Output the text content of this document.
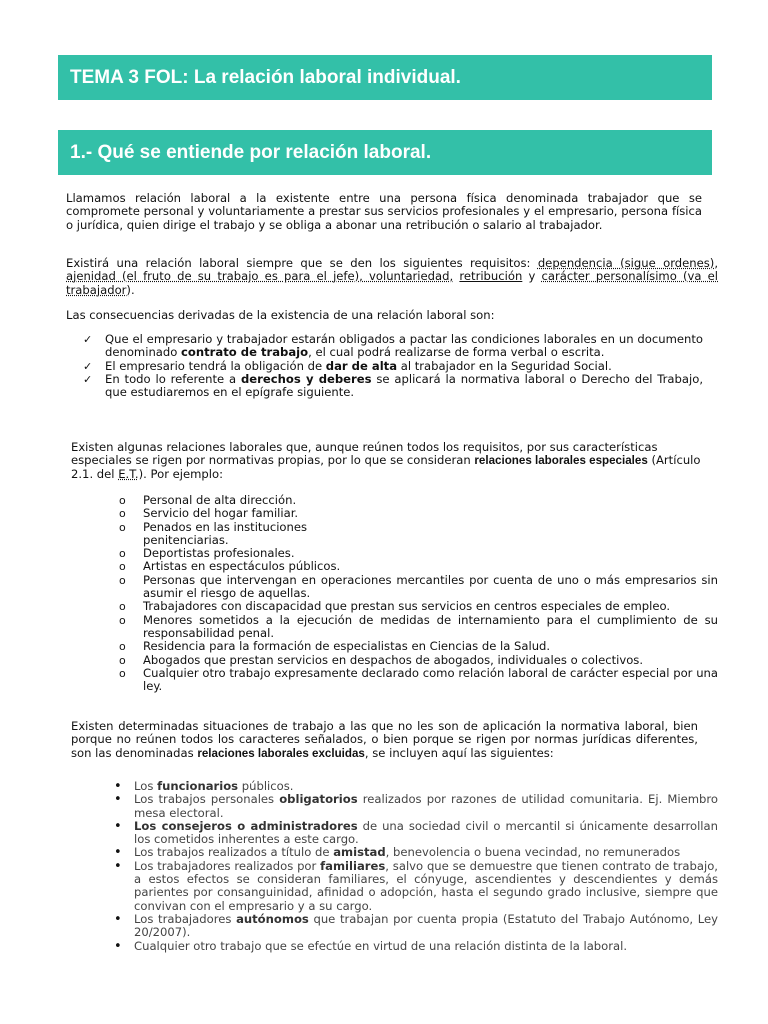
TEMA 3 FOL: La relación laboral individual.
1.- Qué se entiende por relación laboral.
Llamamos relación laboral a la existente entre una persona física denominada trabajador que se compromete personal y voluntariamente a prestar sus servicios profesionales y el empresario, persona física o jurídica, quien dirige el trabajo y se obliga a abonar una retribución o salario al trabajador.
Existirá una relación laboral siempre que se den los siguientes requisitos: dependencia (sigue ordenes), ajenidad (el fruto de su trabajo es para el jefe), voluntariedad, retribución y carácter personalísimo (va el trabajador).
Las consecuencias derivadas de la existencia de una relación laboral son:
✓ Que el empresario y trabajador estarán obligados a pactar las condiciones laborales en un documento denominado contrato de trabajo, el cual podrá realizarse de forma verbal o escrita.
✓ El empresario tendrá la obligación de dar de alta al trabajador en la Seguridad Social.
✓ En todo lo referente a derechos y deberes se aplicará la normativa laboral o Derecho del Trabajo, que estudiaremos en el epígrafe siguiente.
Existen algunas relaciones laborales que, aunque reúnen todos los requisitos, por sus características especiales se rigen por normativas propias, por lo que se consideran relaciones laborales especiales (Artículo 2.1. del E.T.). Por ejemplo:
o Personal de alta dirección.
o Servicio del hogar familiar.
o Penados en las instituciones penitenciarias.
o Deportistas profesionales.
o Artistas en espectáculos públicos.
o Personas que intervengan en operaciones mercantiles por cuenta de uno o más empresarios sin asumir el riesgo de aquellas.
o Trabajadores con discapacidad que prestan sus servicios en centros especiales de empleo.
o Menores sometidos a la ejecución de medidas de internamiento para el cumplimiento de su responsabilidad penal.
o Residencia para la formación de especialistas en Ciencias de la Salud.
o Abogados que prestan servicios en despachos de abogados, individuales o colectivos.
o Cualquier otro trabajo expresamente declarado como relación laboral de carácter especial por una ley.
Existen determinadas situaciones de trabajo a las que no les son de aplicación la normativa laboral, bien porque no reúnen todos los caracteres señalados, o bien porque se rigen por normas jurídicas diferentes, son las denominadas relaciones laborales excluidas, se incluyen aquí las siguientes:
• Los funcionarios públicos.
• Los trabajos personales obligatorios realizados por razones de utilidad comunitaria. Ej. Miembro mesa electoral.
• Los consejeros o administradores de una sociedad civil o mercantil si únicamente desarrollan los cometidos inherentes a este cargo.
• Los trabajos realizados a título de amistad, benevolencia o buena vecindad, no remunerados
• Los trabajadores realizados por familiares, salvo que se demuestre que tienen contrato de trabajo, a estos efectos se consideran familiares, el cónyuge, ascendientes y descendientes y demás parientes por consanguinidad, afinidad o adopción, hasta el segundo grado inclusive, siempre que convivan con el empresario y a su cargo.
• Los trabajadores autónomos que trabajan por cuenta propia (Estatuto del Trabajo Autónomo, Ley 20/2007).
• Cualquier otro trabajo que se efectúe en virtud de una relación distinta de la laboral.
